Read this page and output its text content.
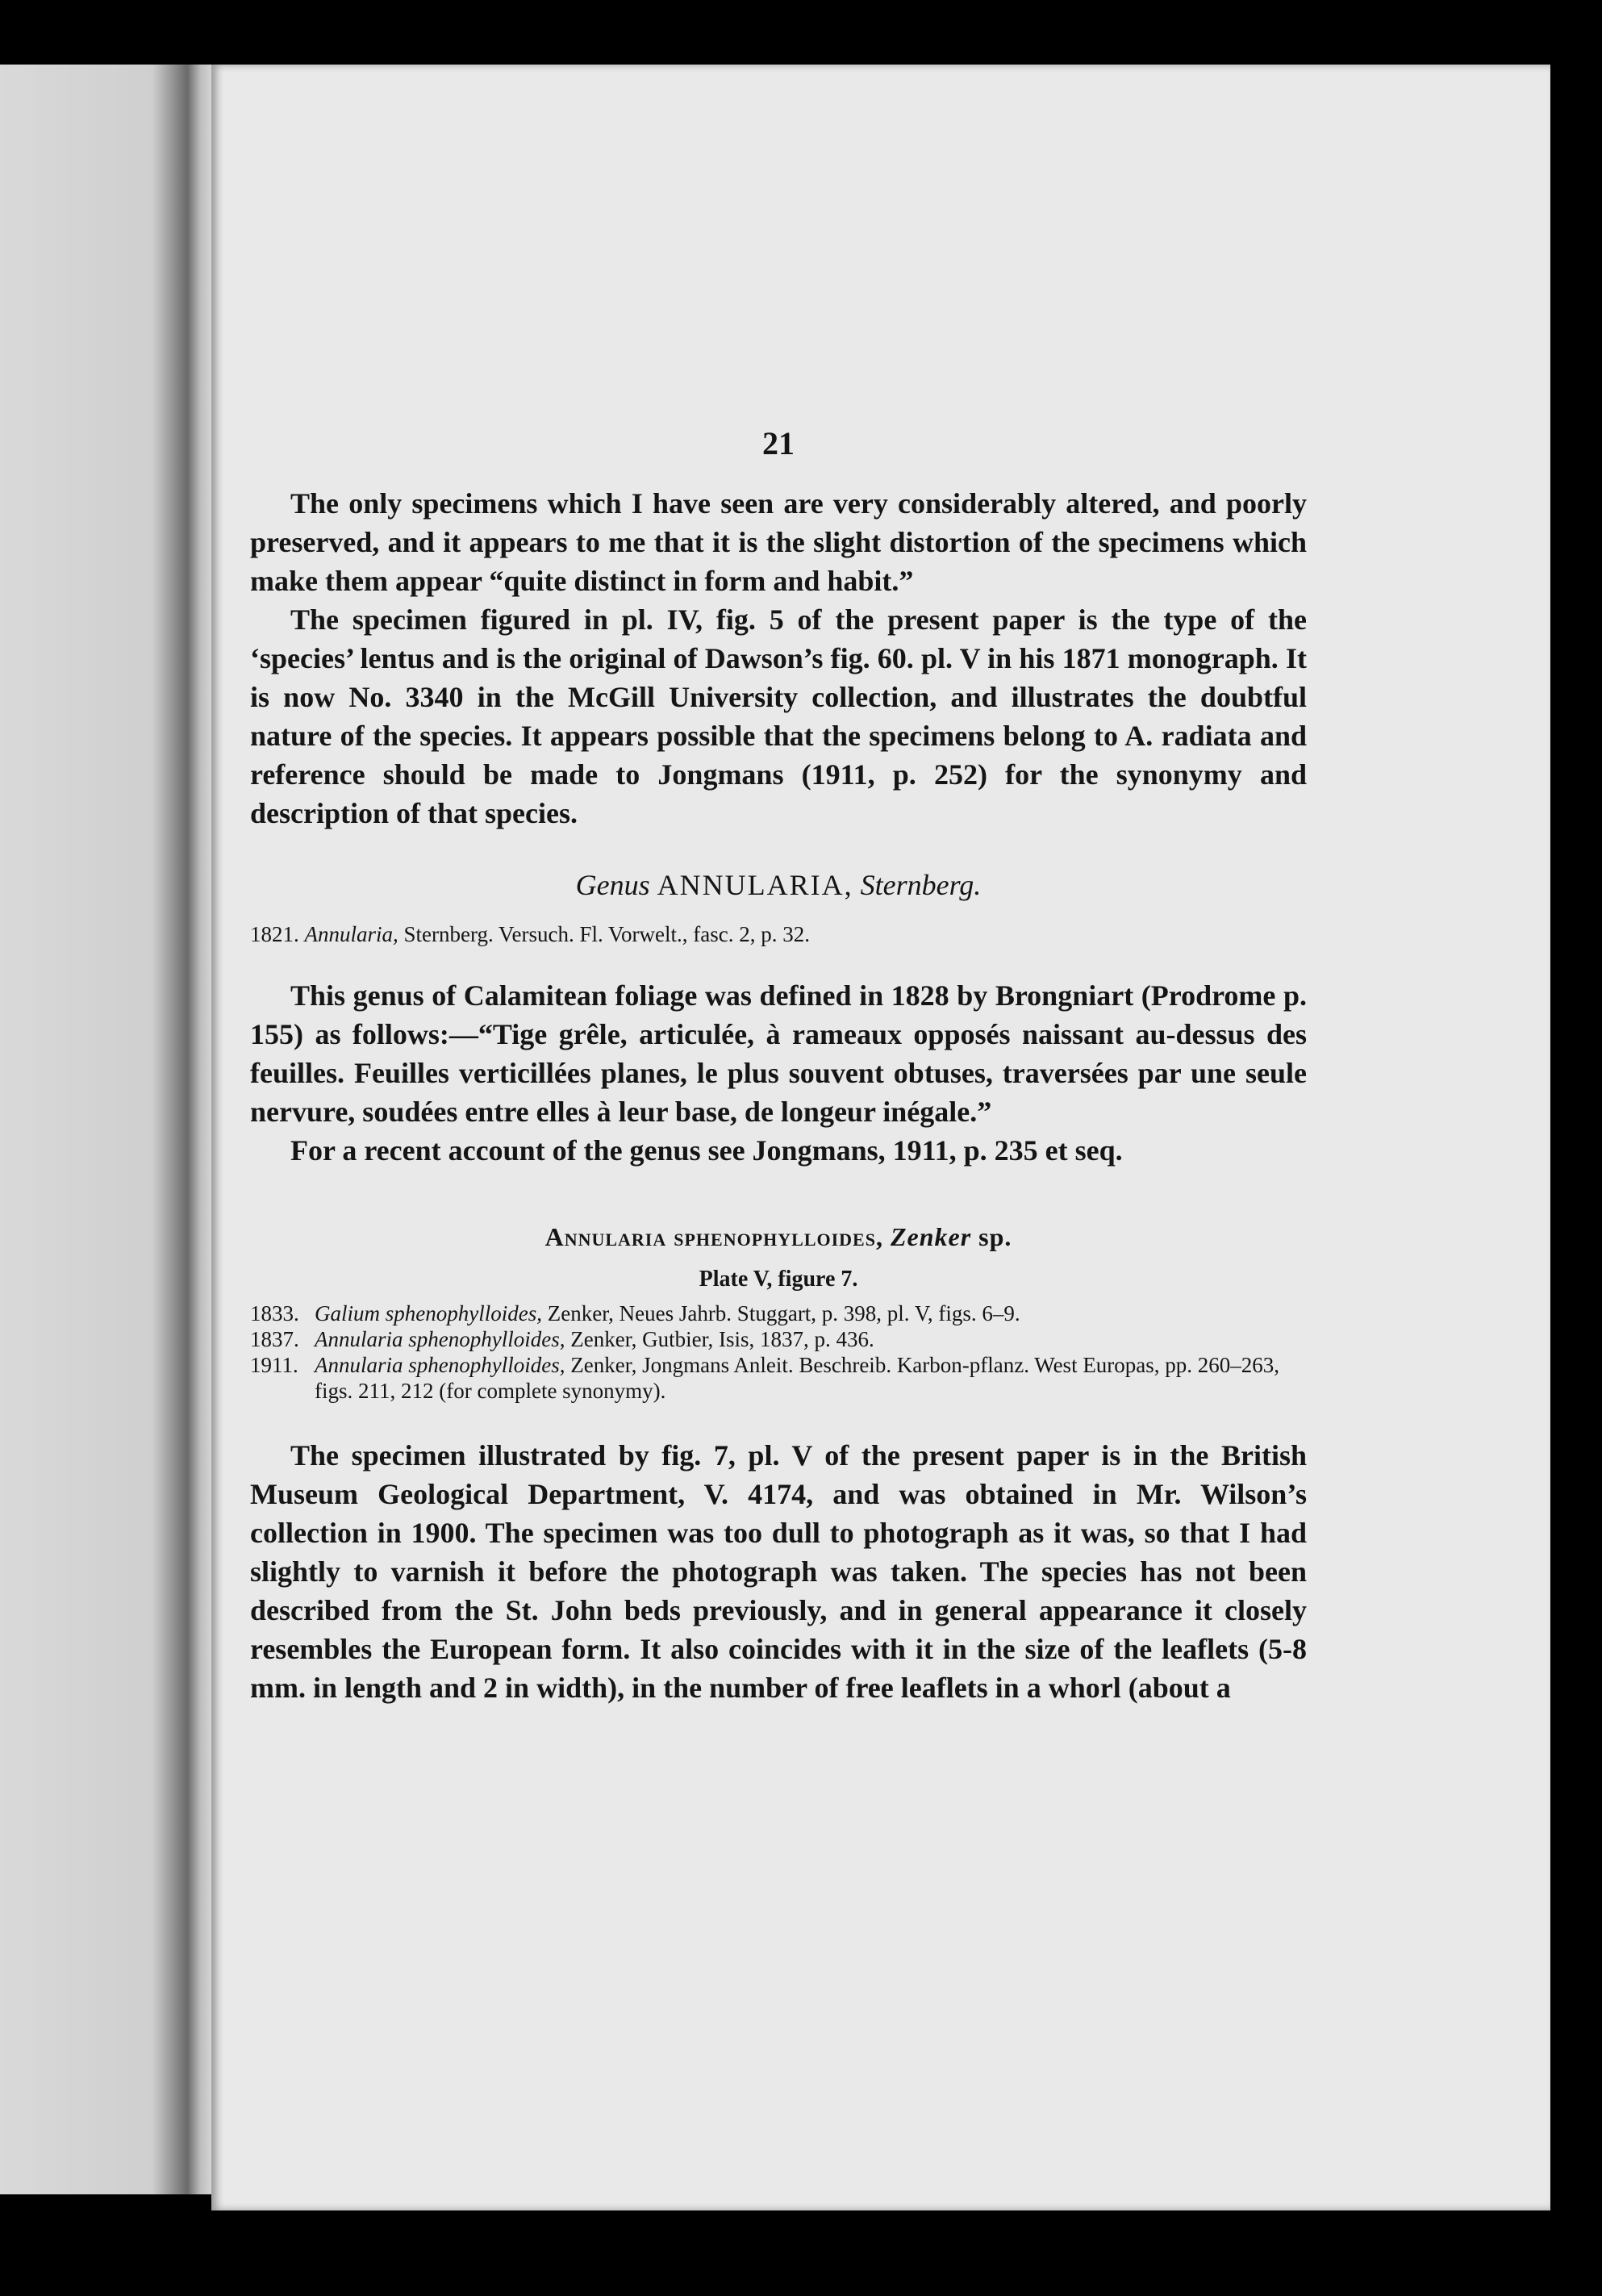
21

The only specimens which I have seen are very considerably altered, and poorly preserved, and it appears to me that it is the slight distortion of the specimens which make them appear “quite distinct in form and habit.”

The specimen figured in pl. IV, fig. 5 of the present paper is the type of the ‘species’ lentus and is the original of Dawson’s fig. 60. pl. V in his 1871 monograph. It is now No. 3340 in the McGill University collection, and illustrates the doubtful nature of the species. It appears possible that the specimens belong to A. radiata and reference should be made to Jongmans (1911, p. 252) for the synonymy and description of that species.

Genus ANNULARIA, Sternberg.

1821. Annularia, Sternberg. Versuch. Fl. Vorwelt., fasc. 2, p. 32.

This genus of Calamitean foliage was defined in 1828 by Brongniart (Prodrome p. 155) as follows:—“Tige grêle, articulée, à rameaux opposés naissant au-dessus des feuilles. Feuilles verticillées planes, le plus souvent obtuses, traversées par une seule nervure, soudées entre elles à leur base, de longeur inégale.”

For a recent account of the genus see Jongmans, 1911, p. 235 et seq.

Annularia sphenophylloides, Zenker sp.
Plate V, figure 7.

1833. Galium sphenophylloides, Zenker, Neues Jahrb. Stuggart, p. 398, pl. V, figs. 6–9.

1837. Annularia sphenophylloides, Zenker, Gutbier, Isis, 1837, p. 436.

1911. Annularia sphenophylloides, Zenker, Jongmans Anleit. Beschreib. Karbon-pflanz. West Europas, pp. 260–263, figs. 211, 212 (for complete synonymy).

The specimen illustrated by fig. 7, pl. V of the present paper is in the British Museum Geological Department, V. 4174, and was obtained in Mr. Wilson’s collection in 1900. The specimen was too dull to photograph as it was, so that I had slightly to varnish it before the photograph was taken. The species has not been described from the St. John beds previously, and in general appearance it closely resembles the European form. It also coincides with it in the size of the leaflets (5-8 mm. in length and 2 in width), in the number of free leaflets in a whorl (about a
